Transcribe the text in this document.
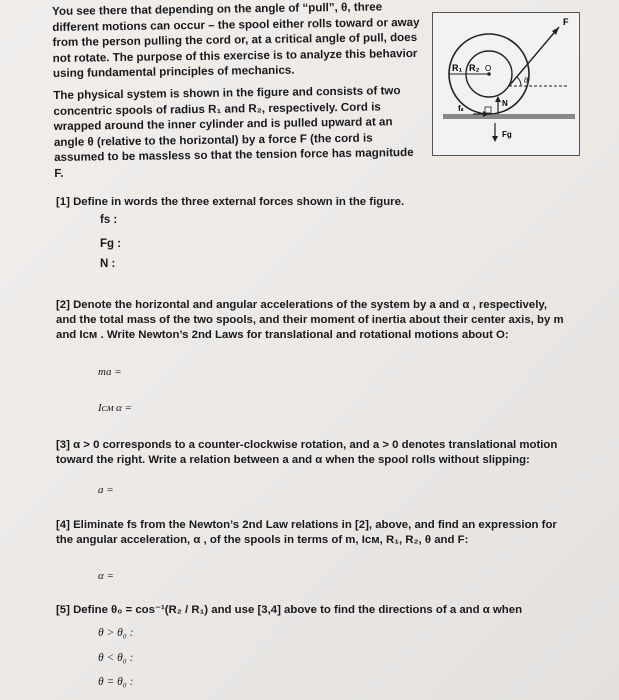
You see there that depending on the angle of “pull”, θ, three
different motions can occur – the spool either rolls toward or away
from the person pulling the cord or, at a critical angle of pull, does
not rotate. The purpose of this exercise is to analyze this behavior
using fundamental principles of mechanics.

The physical system is shown in the figure and consists of two
concentric spools of radius R₁ and R₂, respectively. Cord is
wrapped around the inner cylinder and is pulled upward at an
angle θ (relative to the horizontal) by a force F (the cord is
assumed to be massless so that the tension force has magnitude F.

R₁ R₂ O
F
θ
N
fₛ
Fɡ
[1] Define in words the three external forces shown in the figure.
fs :
Fɡ :
N :
[2] Denote the horizontal and angular accelerations of the system by a and α , respectively,
and the total mass of the two spools, and their moment of inertia about their center axis, by m
and Iᴄᴍ . Write Newton’s 2nd Laws for translational and rotational motions about O:
ma =
Iᴄᴍ α =
[3] α > 0 corresponds to a counter-clockwise rotation, and a > 0 denotes translational motion
toward the right. Write a relation between a and α when the spool rolls without slipping:
a =
[4] Eliminate fs from the Newton’s 2nd Law relations in [2], above, and find an expression for
the angular acceleration, α , of the spools in terms of m, Iᴄᴍ, R₁, R₂, θ and F:
α =
[5] Define θ₀ = cos⁻¹(R₂ / R₁) and use [3,4] above to find the directions of a and α when
θ > θ₀ :
θ < θ₀ :
θ = θ₀ :
